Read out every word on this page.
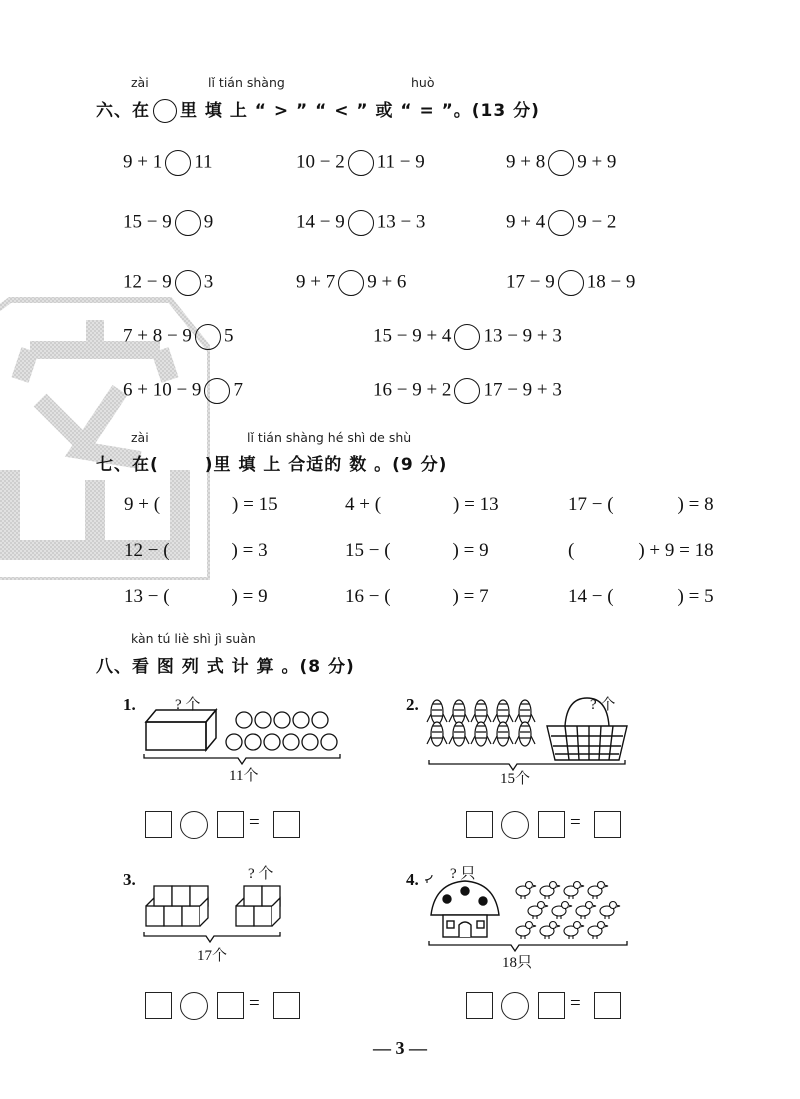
zài	lǐ tián shàng	huò
六、在 里 填 上 “ > ” “ < ” 或 “ = ”。(13 分)
9 + 1 11	10 − 2 11 − 9	9 + 8 9 + 9
15 − 9 9	14 − 9 13 − 3	9 + 4 9 − 2
12 − 9 3	9 + 7 9 + 6	17 − 9 18 − 9
7 + 8 − 9 5	15 − 9 + 4 13 − 9 + 3
6 + 10 − 9 7	16 − 9 + 2 17 − 9 + 3
zài	lǐ tián shàng hé shì de shù
七、在(	)里 填 上 合适的 数 。(9 分)
9 + (	) = 15	4 + (	) = 13	17 − (	) = 8
12 − (	) = 3	15 − (	) = 9	(	) + 9 = 18
13 − (	) = 9	16 − (	) = 7	14 − (	) = 5
kàn tú liè shì jì suàn
八、看 图 列 式 计 算 。(8 分)
1.	? 个
11个
2.	? 个
15个
3.	? 个
17个
4. ? 只
18只
=	=
=	=
— 3 —
